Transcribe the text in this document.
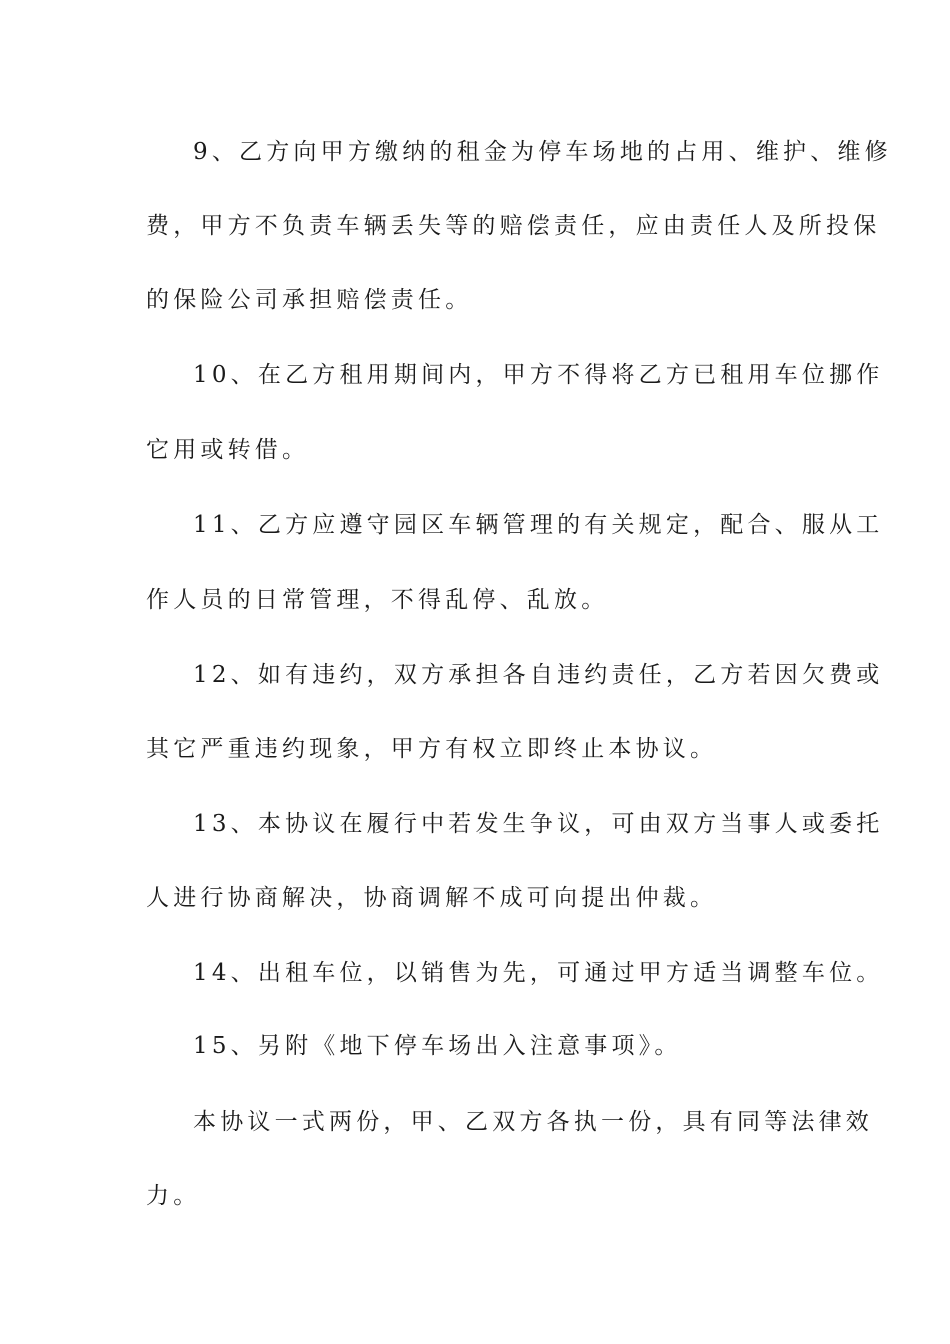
9、乙方向甲方缴纳的租金为停车场地的占用、维护、维修
费，甲方不负责车辆丢失等的赔偿责任，应由责任人及所投保
的保险公司承担赔偿责任。
10、在乙方租用期间内，甲方不得将乙方已租用车位挪作
它用或转借。
11、乙方应遵守园区车辆管理的有关规定，配合、服从工
作人员的日常管理，不得乱停、乱放。
12、如有违约，双方承担各自违约责任，乙方若因欠费或
其它严重违约现象，甲方有权立即终止本协议。
13、本协议在履行中若发生争议，可由双方当事人或委托
人进行协商解决，协商调解不成可向提出仲裁。
14、出租车位，以销售为先，可通过甲方适当调整车位。
15、另附《地下停车场出入注意事项》。
本协议一式两份，甲、乙双方各执一份，具有同等法律效
力。
